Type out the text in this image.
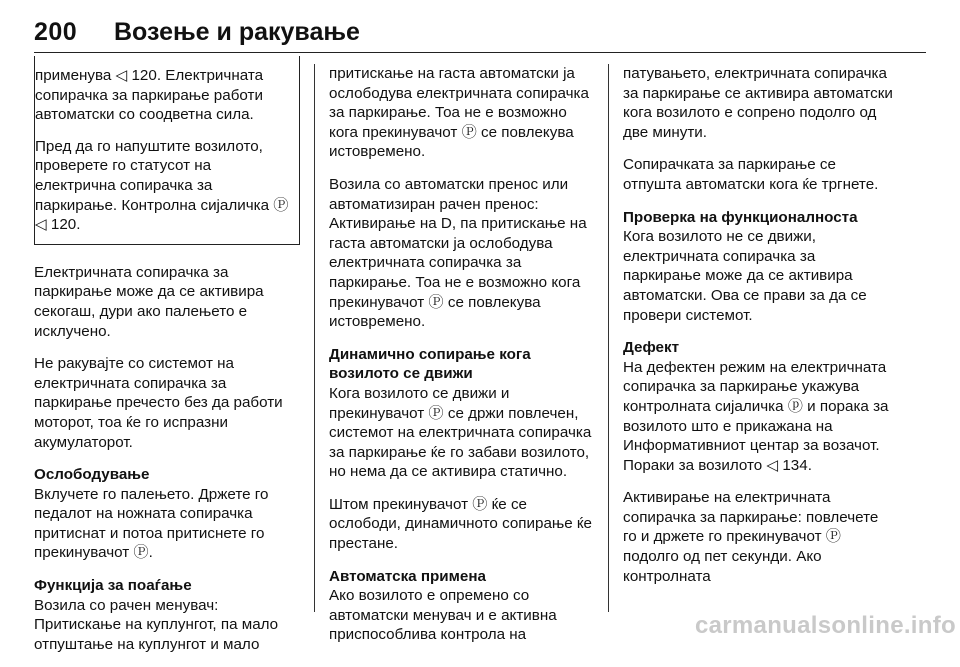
200 Возење и ракување

применува ◁ 120. Електричната сопирачка за паркирање работи автоматски со соодветна сила.

Пред да го напуштите возилото, проверете го статусот на електрична сопирачка за паркирање. Контролна сијаличка Ⓟ ◁ 120.

Електричната сопирачка за паркирање може да се активира секогаш, дури ако палењето е исклучено.

Не ракувајте со системот на електричната сопирачка за паркирање пречесто без да работи моторот, тоа ќе го испразни акумулаторот.

Ослободување

Вклучете го палењето. Држете го педалот на ножната сопирачка притиснат и потоа притиснете го прекинувачот Ⓟ.

Функција за поаѓање

Возила со рачен менувач: Притискање на куплунгот, па мало отпуштање на куплунгот и мало

притискање на гаста автоматски ја ослободува електричната сопирачка за паркирање. Тоа не е возможно кога прекинувачот Ⓟ се повлекува истовремено.

Возила со автоматски пренос или автоматизиран рачен пренос: Активирање на D, па притискање на гаста автоматски ја ослободува електричната сопирачка за паркирање. Тоа не е возможно кога прекинувачот Ⓟ се повлекува истовремено.

Динамично сопирање кога возилото се движи

Кога возилото се движи и прекинувачот Ⓟ се држи повлечен, системот на електричната сопирачка за паркирање ќе го забави возилото, но нема да се активира статично.

Штом прекинувачот Ⓟ ќе се ослободи, динамичното сопирање ќе престане.

Автоматска примена

Ако возилото е опремено со автоматски менувач и е активна приспособлива контрола на

патувањето, електричната сопирачка за паркирање се активира автоматски кога возилото е сопрено подолго од две минути.

Сопирачката за паркирање се отпушта автоматски кога ќе тргнете.

Проверка на функционалноста

Кога возилото не се движи, електричната сопирачка за паркирање може да се активира автоматски. Ова се прави за да се провери системот.

Дефект

На дефектен режим на електричната сопирачка за паркирање укажува контролната сијаличка ⓟ и порака за возилото што е прикажана на Информативниот центар за возачот. Пораки за возилото ◁ 134.

Активирање на електричната сопирачка за паркирање: повлечете го и држете го прекинувачот Ⓟ подолго од пет секунди. Ако контролната

carmanualsonline.info
